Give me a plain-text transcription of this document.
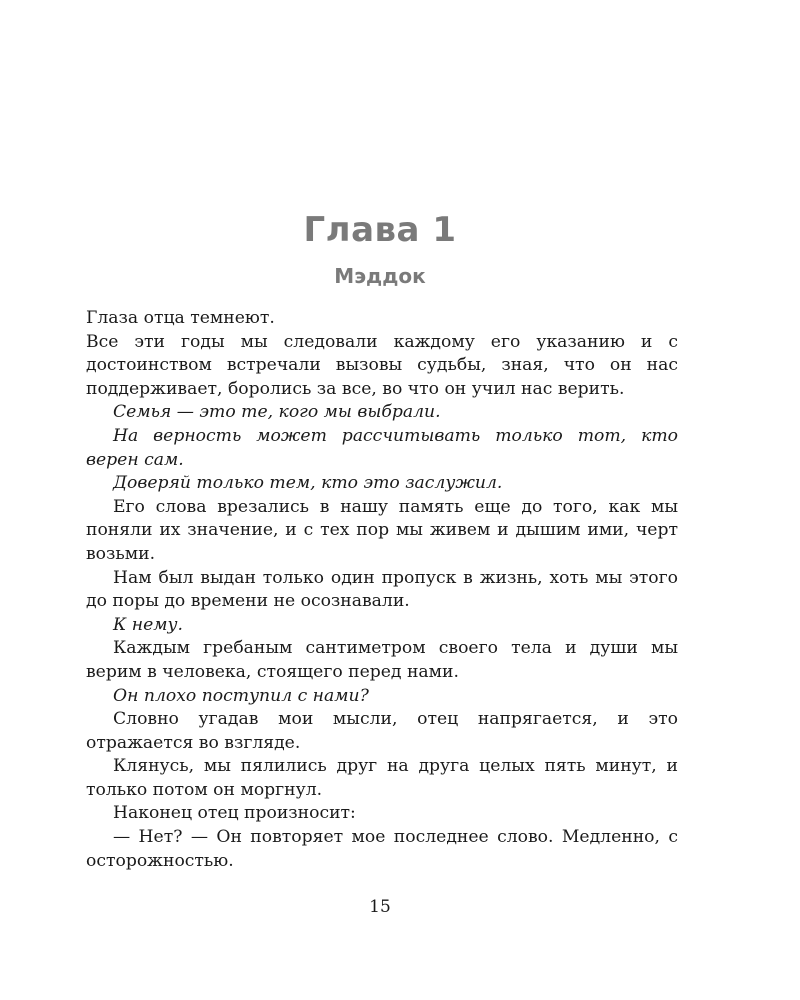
Глава 1
Мэддок

Глаза отца темнеют.

Все эти годы мы следовали каждому его указанию и с достоинством встречали вызовы судьбы, зная, что он нас поддерживает, боролись за все, во что он учил нас верить.

Семья — это те, кого мы выбрали.

На верность может рассчитывать только тот, кто верен сам.

Доверяй только тем, кто это заслужил.

Его слова врезались в нашу память еще до того, как мы поняли их значение, и с тех пор мы живем и дышим ими, черт возьми.

Нам был выдан только один пропуск в жизнь, хоть мы этого до поры до времени не осознавали.

К нему.

Каждым гребаным сантиметром своего тела и души мы верим в человека, стоящего перед нами.

Он плохо поступил с нами?

Словно угадав мои мысли, отец напрягается, и это отражается во взгляде.

Клянусь, мы пялились друг на друга целых пять минут, и только потом он моргнул.

Наконец отец произносит:

— Нет? — Он повторяет мое последнее слово. Медленно, с осторожностью.

15
